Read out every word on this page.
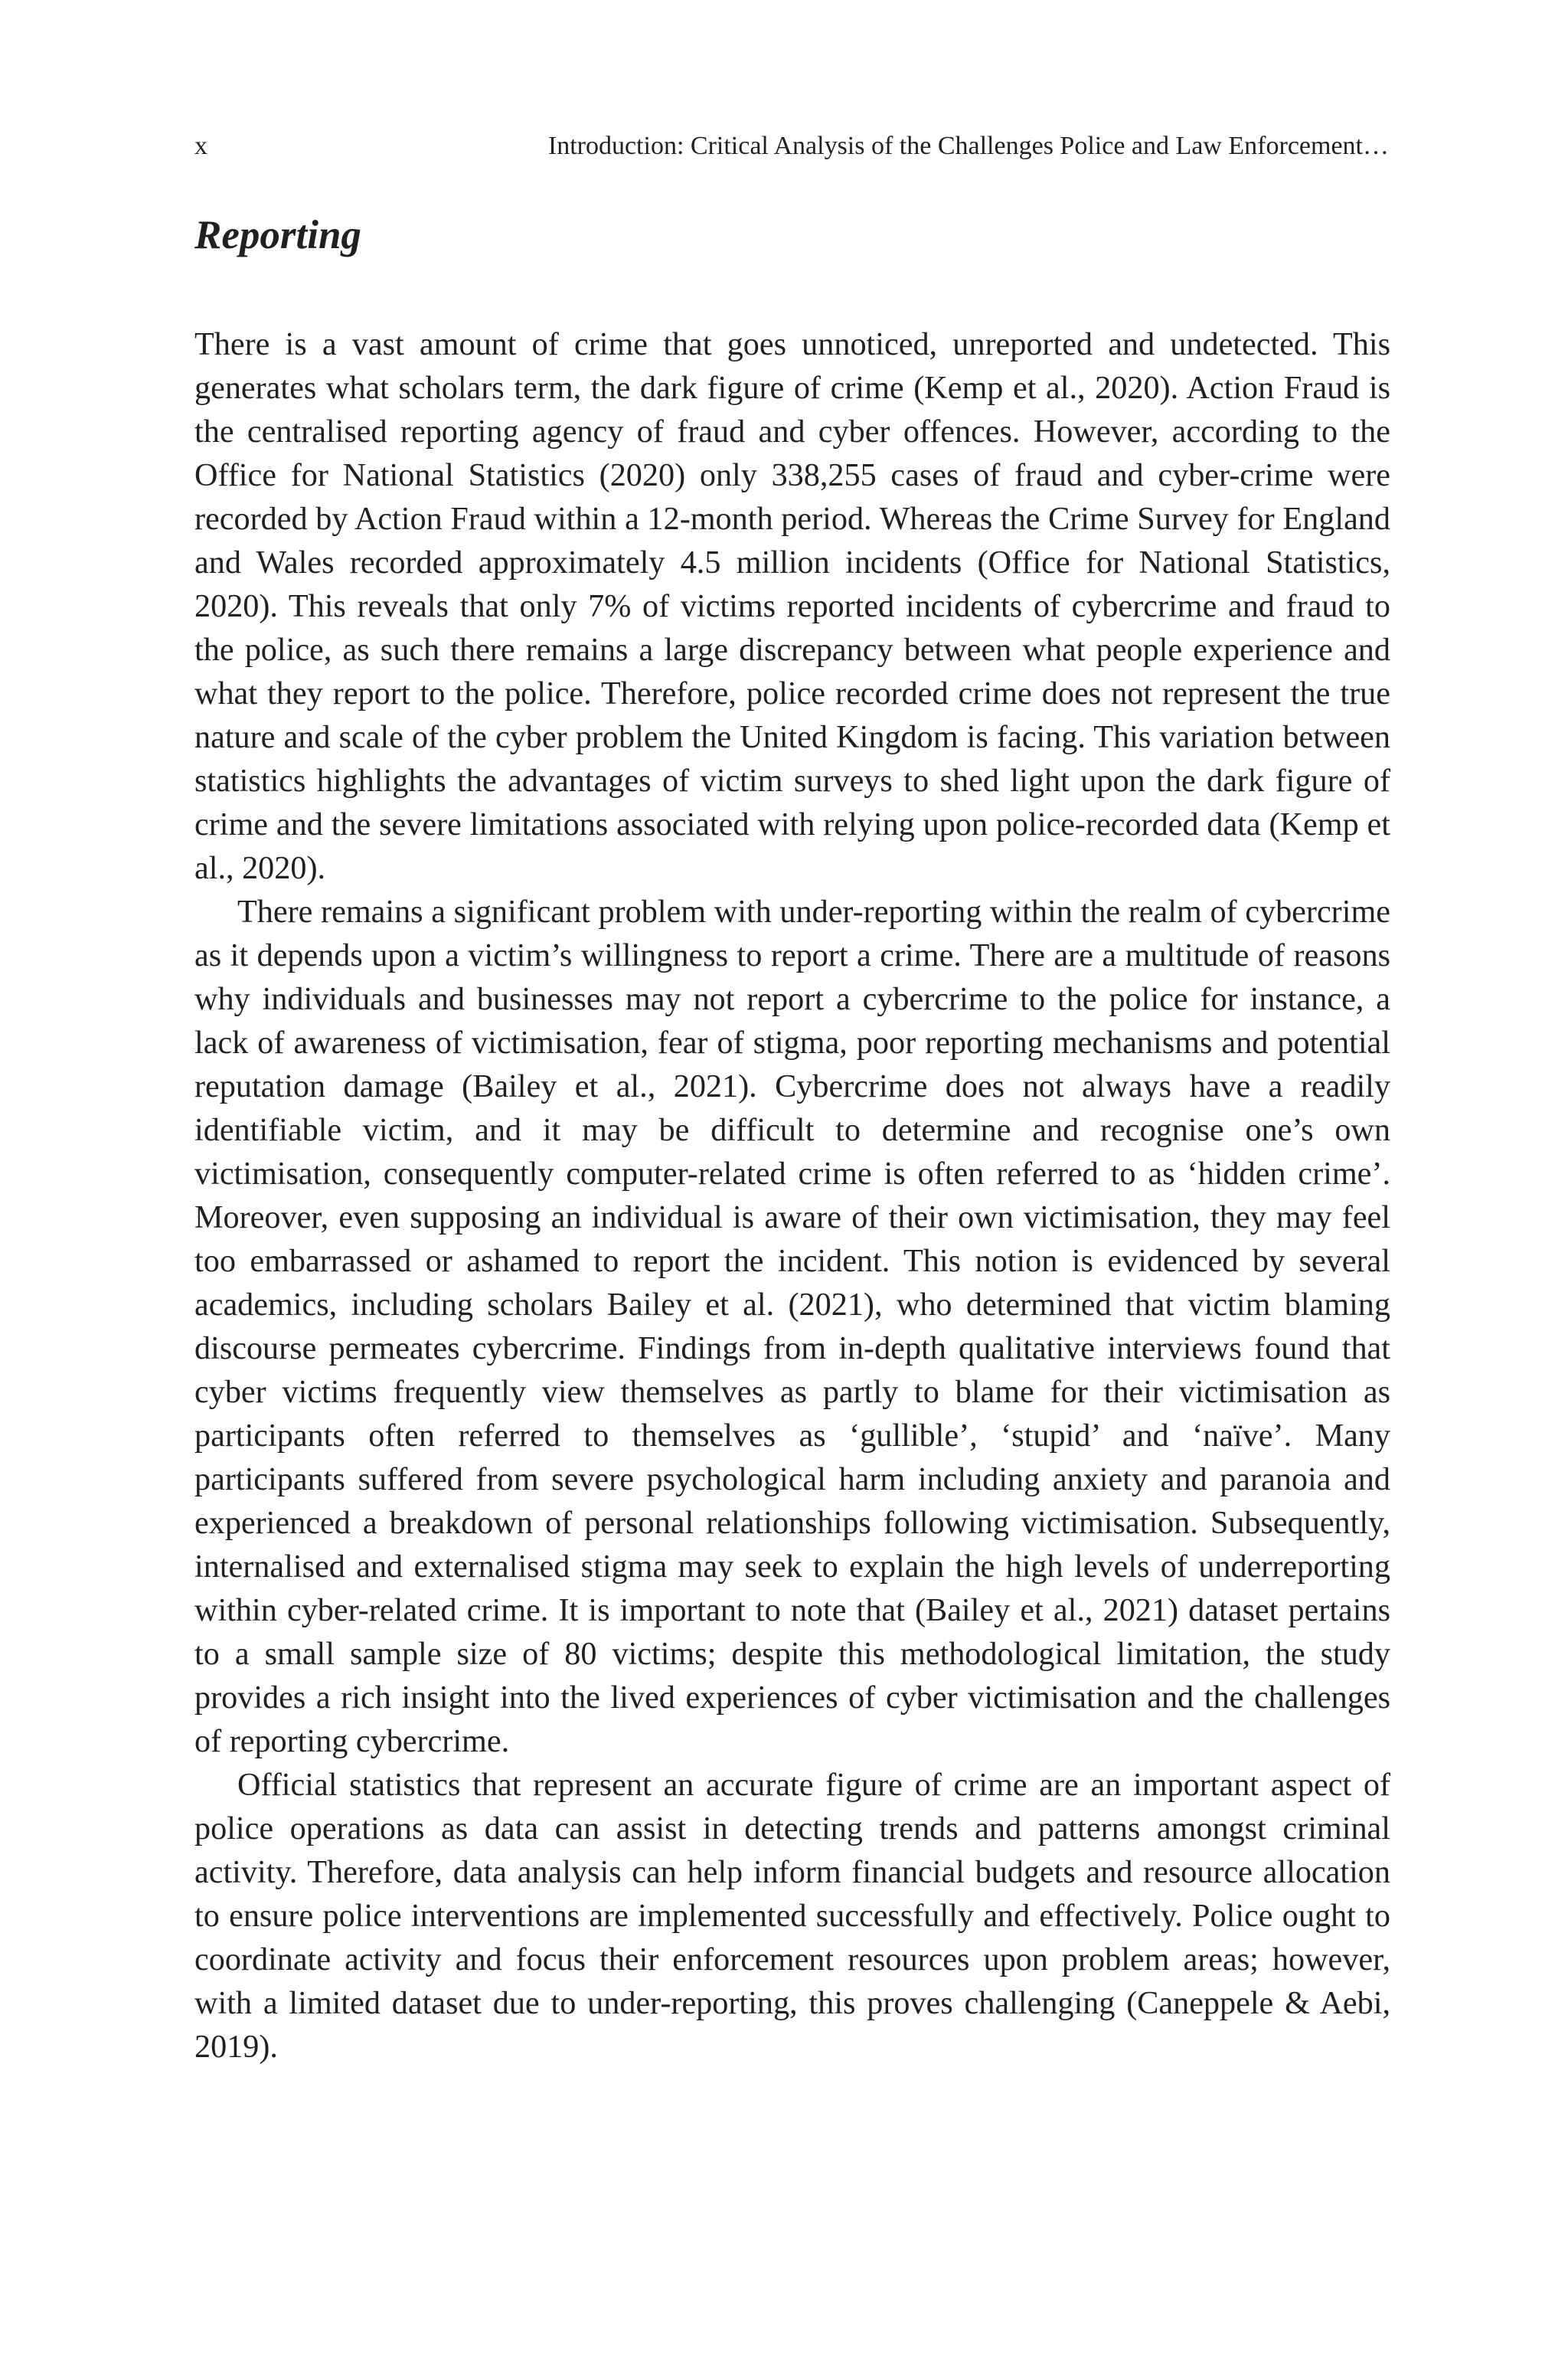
x	Introduction: Critical Analysis of the Challenges Police and Law Enforcement…
Reporting

There is a vast amount of crime that goes unnoticed, unreported and undetected. This generates what scholars term, the dark figure of crime (Kemp et al., 2020). Action Fraud is the centralised reporting agency of fraud and cyber offences. However, according to the Office for National Statistics (2020) only 338,255 cases of fraud and cyber-crime were recorded by Action Fraud within a 12-month period. Whereas the Crime Survey for England and Wales recorded approximately 4.5 million incidents (Office for National Statistics, 2020). This reveals that only 7% of victims reported incidents of cybercrime and fraud to the police, as such there remains a large discrepancy between what people experience and what they report to the police. Therefore, police recorded crime does not represent the true nature and scale of the cyber problem the United Kingdom is facing. This variation between statistics highlights the advantages of victim surveys to shed light upon the dark figure of crime and the severe limitations associated with relying upon police-recorded data (Kemp et al., 2020).

There remains a significant problem with under-reporting within the realm of cybercrime as it depends upon a victim’s willingness to report a crime. There are a multitude of reasons why individuals and businesses may not report a cybercrime to the police for instance, a lack of awareness of victimisation, fear of stigma, poor reporting mechanisms and potential reputation damage (Bailey et al., 2021). Cybercrime does not always have a readily identifiable victim, and it may be difficult to determine and recognise one’s own victimisation, consequently computer-related crime is often referred to as ‘hidden crime’. Moreover, even supposing an individual is aware of their own victimisation, they may feel too embarrassed or ashamed to report the incident. This notion is evidenced by several academics, including scholars Bailey et al. (2021), who determined that victim blaming discourse permeates cybercrime. Findings from in-depth qualitative interviews found that cyber victims frequently view themselves as partly to blame for their victimisation as participants often referred to themselves as ‘gullible’, ‘stupid’ and ‘naïve’. Many participants suffered from severe psychological harm including anxiety and paranoia and experienced a breakdown of personal relationships following victimisation. Subsequently, internalised and externalised stigma may seek to explain the high levels of underreporting within cyber-related crime. It is important to note that (Bailey et al., 2021) dataset pertains to a small sample size of 80 victims; despite this methodological limitation, the study provides a rich insight into the lived experiences of cyber victimisation and the challenges of reporting cybercrime.

Official statistics that represent an accurate figure of crime are an important aspect of police operations as data can assist in detecting trends and patterns amongst criminal activity. Therefore, data analysis can help inform financial budgets and resource allocation to ensure police interventions are implemented successfully and effectively. Police ought to coordinate activity and focus their enforcement resources upon problem areas; however, with a limited dataset due to under-reporting, this proves challenging (Caneppele & Aebi, 2019).
